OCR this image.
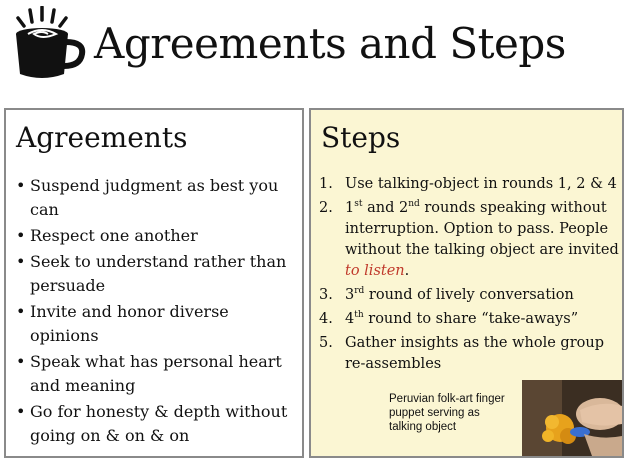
Agreements and Steps
Agreements
• Suspend judgment as best you can
• Respect one another
• Seek to understand rather than persuade
• Invite and honor diverse opinions
• Speak what has personal heart and meaning
• Go for honesty & depth without going on & on & on
Steps
1. Use talking-object in rounds 1, 2 & 4
2. 1st and 2nd rounds speaking without interruption. Option to pass. People without the talking object are invited to listen.
3. 3rd round of lively conversation
4. 4th round to share “take-aways”
5. Gather insights as the whole group re-assembles
Peruvian folk-art finger puppet serving as talking object
